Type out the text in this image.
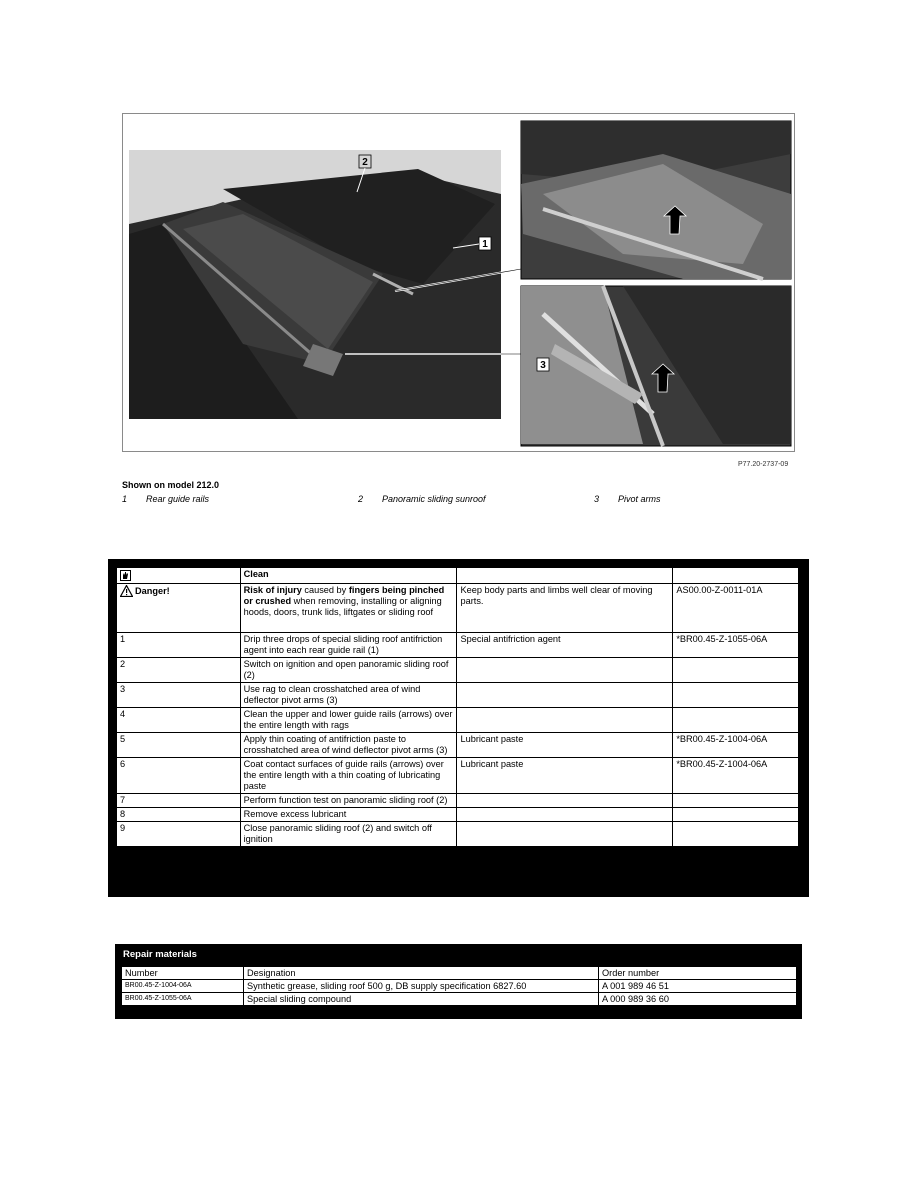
2
1
3
P77.20-2737-09
Shown on model 212.0
1 Rear guide rails	2 Panoramic sliding sunroof	3 Pivot arms
	Clean		
Danger!	Risk of injury caused by fingers being pinched or crushed when removing, installing or aligning hoods, doors, trunk lids, liftgates or sliding roof	Keep body parts and limbs well clear of moving parts.	AS00.00-Z-0011-01A
1	Drip three drops of special sliding roof antifriction agent into each rear guide rail (1)	Special antifriction agent	*BR00.45-Z-1055-06A
2	Switch on ignition and open panoramic sliding roof (2)		
3	Use rag to clean crosshatched area of wind deflector pivot arms (3)		
4	Clean the upper and lower guide rails (arrows) over the entire length with rags		
5	Apply thin coating of antifriction paste to crosshatched area of wind deflector pivot arms (3)	Lubricant paste	*BR00.45-Z-1004-06A
6	Coat contact surfaces of guide rails (arrows) over the entire length with a thin coating of lubricating paste	Lubricant paste	*BR00.45-Z-1004-06A
7	Perform function test on panoramic sliding roof (2)		
8	Remove excess lubricant		
9	Close panoramic sliding roof (2) and switch off ignition		
Repair materials
Number	Designation	Order number
BR00.45-Z-1004-06A	Synthetic grease, sliding roof 500 g, DB supply specification 6827.60	A 001 989 46 51
BR00.45-Z-1055-06A	Special sliding compound	A 000 989 36 60
